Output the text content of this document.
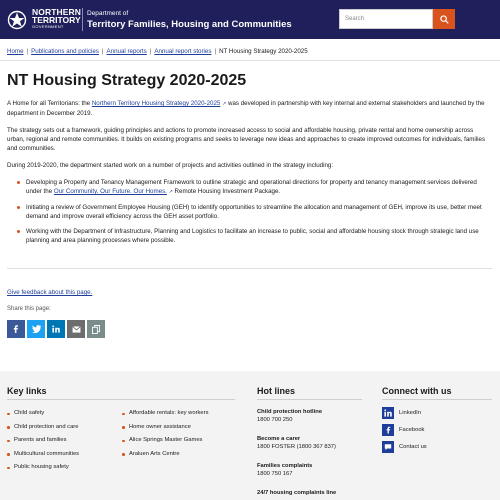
NORTHERN
TERRITORY
GOVERNMENT
Department of
Territory Families, Housing and Communities	Search
Home | Publications and policies | Annual reports | Annual report stories | NT Housing Strategy 2020-2025
NT Housing Strategy 2020-2025

A Home for all Territorians: the Northern Territory Housing Strategy 2020-2025 ↗ was developed in partnership with key internal and external stakeholders and launched by the department in December 2019.

The strategy sets out a framework, guiding principles and actions to promote increased access to social and affordable housing, private rental and home ownership across urban, regional and remote communities. It builds on existing programs and seeks to leverage new ideas and approaches to create improved outcomes for individuals, families and communities.

During 2019-2020, the department started work on a number of projects and activities outlined in the strategy including:

Developing a Property and Tenancy Management Framework to outline strategic and operational directions for property and tenancy management services delivered under the Our Community. Our Future. Our Homes. ↗ Remote Housing Investment Package.
Initiating a review of Government Employee Housing (GEH) to identify opportunities to streamline the allocation and management of GEH, improve its use, better meet demand and improve overall efficiency across the GEH asset portfolio.
Working with the Department of Infrastructure, Planning and Logistics to facilitate an increase to public, social and affordable housing stock through strategic land use planning and area planning processes where possible.
Give feedback about this page.
Share this page:
Key links
Child safety
Child protection and care
Parents and families
Multicultural communities
Public housing safety
Affordable rentals: key workers
Home owner assistance
Alice Springs Master Games
Araluen Arts Centre
Hot lines
Child protection hotline
1800 700 250
Become a carer
1800 FOSTER (1800 367 837)
Families complaints
1800 750 167
24/7 housing complaints line
Connect with us
LinkedIn
Facebook
Contact us
